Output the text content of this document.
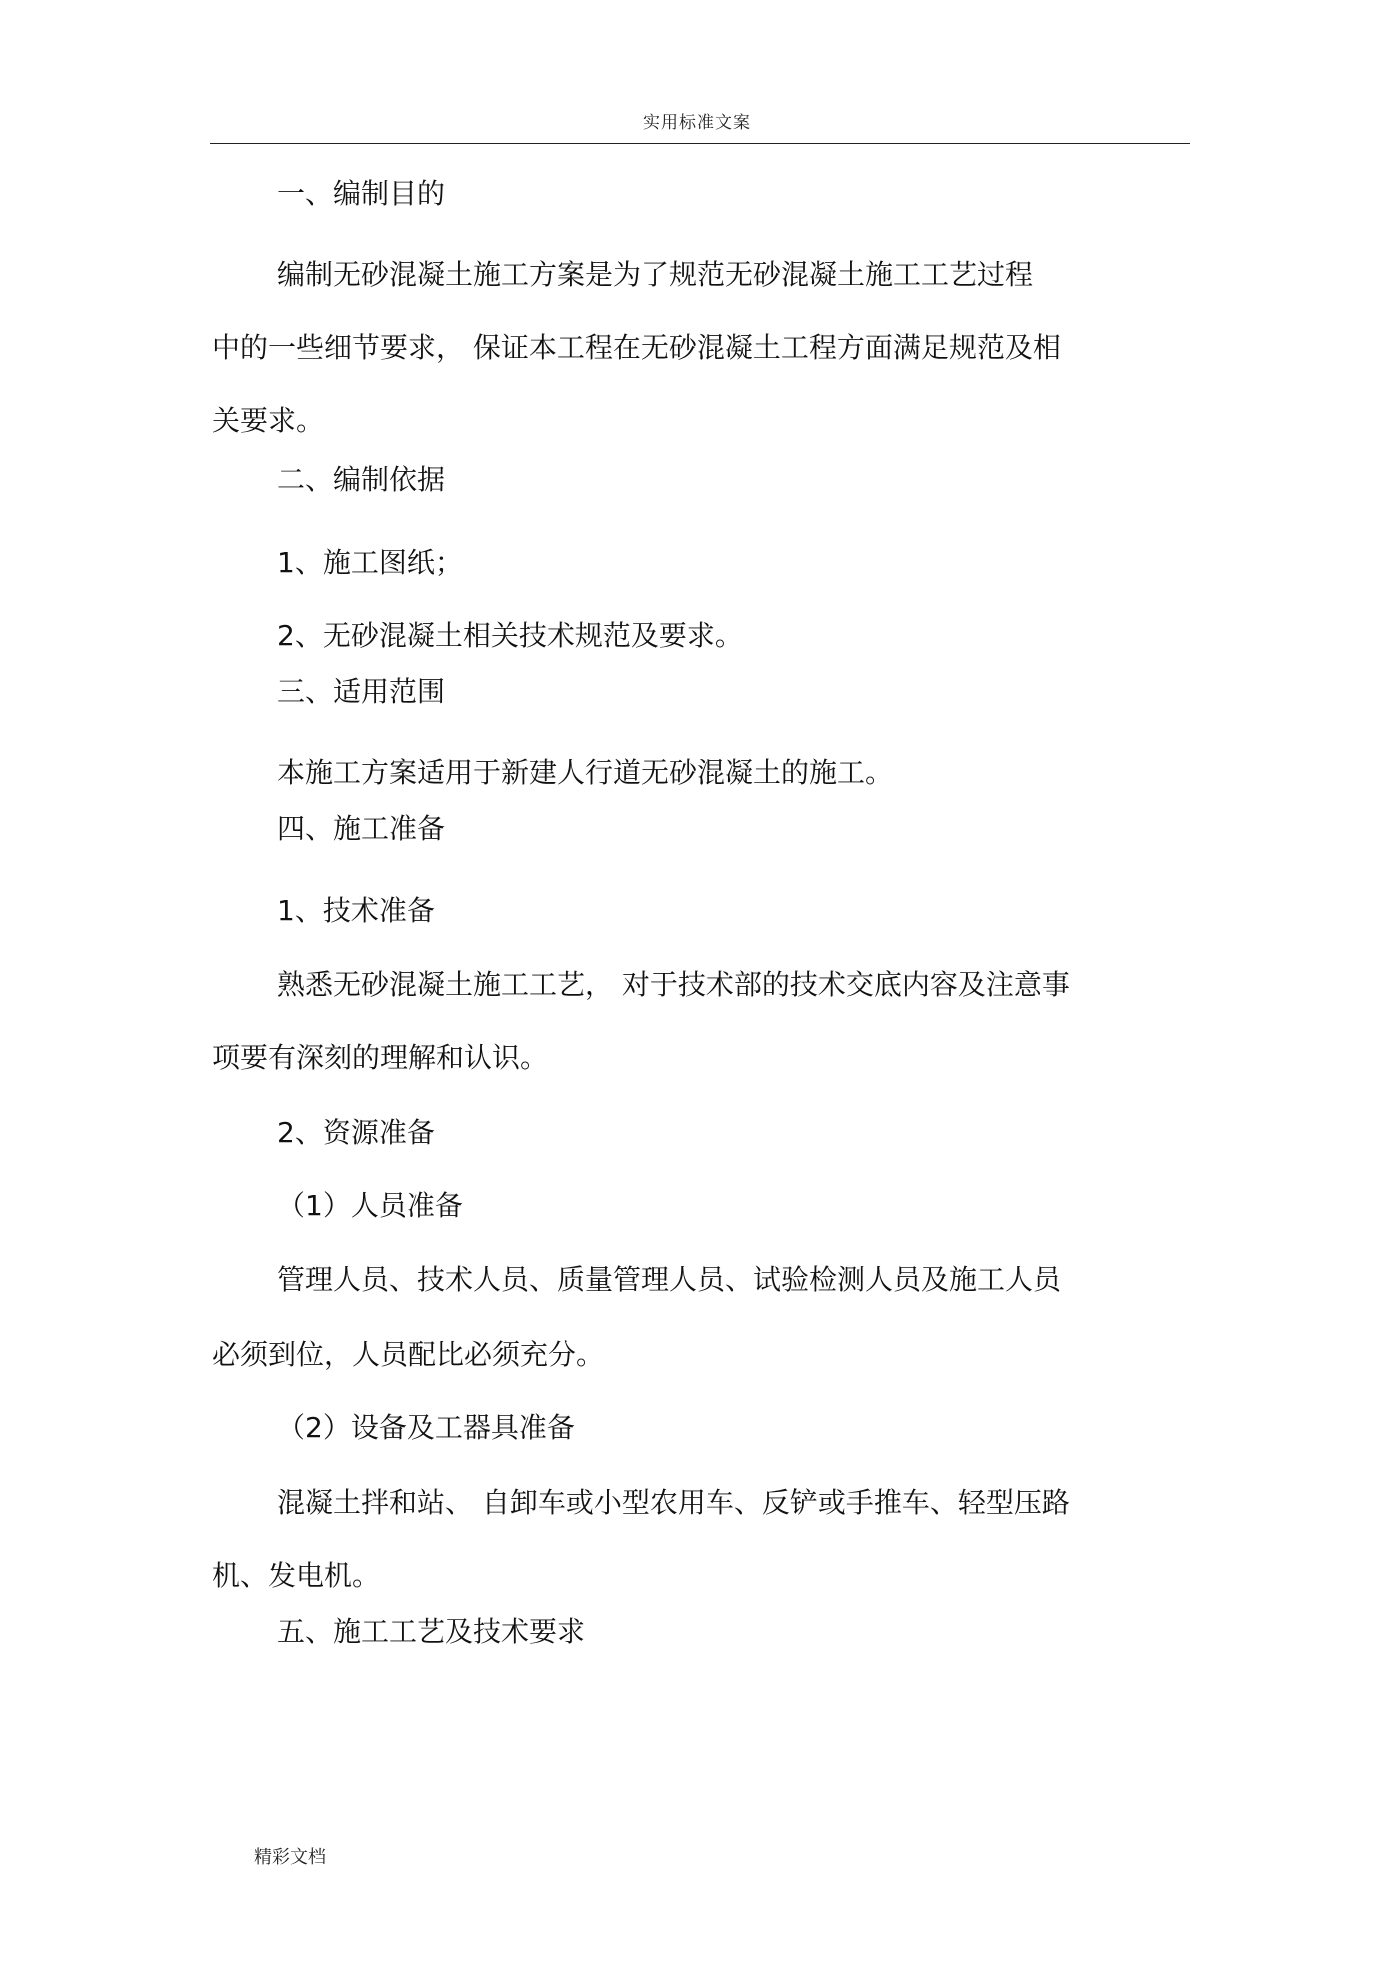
实用标准文案
一、编制目的
编制无砂混凝土施工方案是为了规范无砂混凝土施工工艺过程
中的一些细节要求， 保证本工程在无砂混凝土工程方面满足规范及相
关要求。
二、编制依据
1、施工图纸；
2、无砂混凝土相关技术规范及要求。
三、适用范围
本施工方案适用于新建人行道无砂混凝土的施工。
四、施工准备
1、技术准备
熟悉无砂混凝土施工工艺， 对于技术部的技术交底内容及注意事
项要有深刻的理解和认识。
2、资源准备
（1）人员准备
管理人员、技术人员、质量管理人员、试验检测人员及施工人员
必须到位，人员配比必须充分。
（2）设备及工器具准备
混凝土拌和站、 自卸车或小型农用车、反铲或手推车、轻型压路
机、发电机。
五、施工工艺及技术要求
精彩文档
